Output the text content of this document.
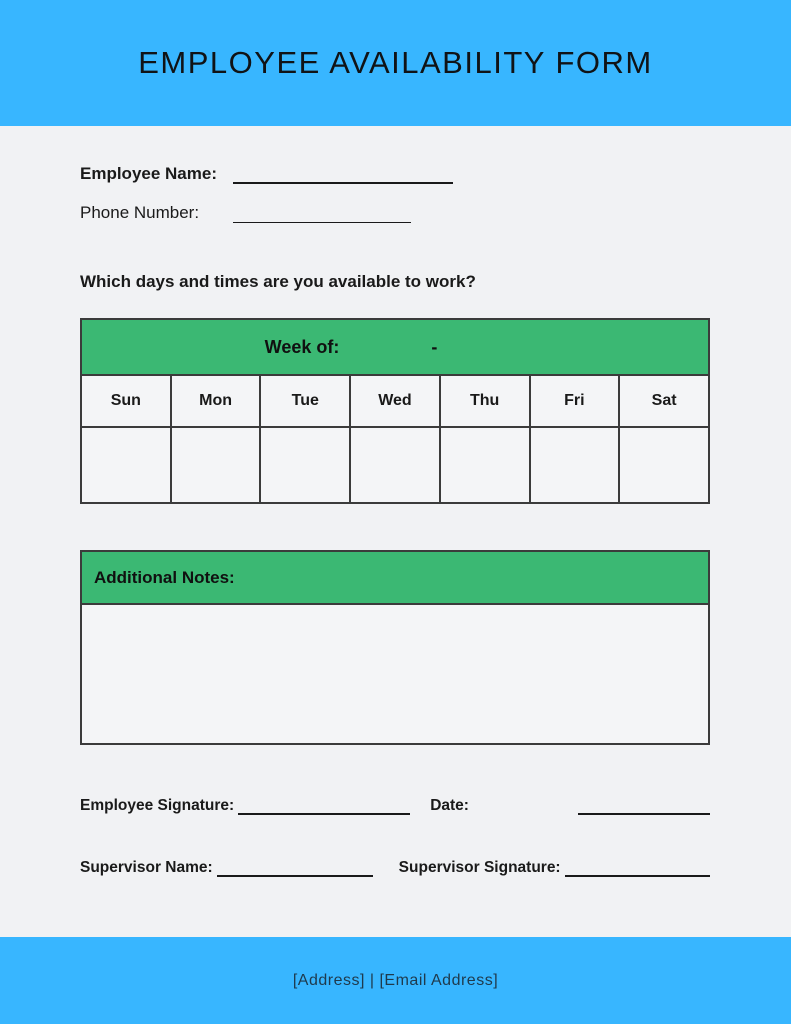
EMPLOYEE AVAILABILITY FORM
Employee Name:
Phone Number:
Which days and times are you available to work?
Week of: -						

Sun	Mon	Tue	Wed	Thu	Fri	Sat

Additional Notes:
Employee Signature:	Date:
Supervisor Name:	Supervisor Signature:
[Address] | [Email Address]
